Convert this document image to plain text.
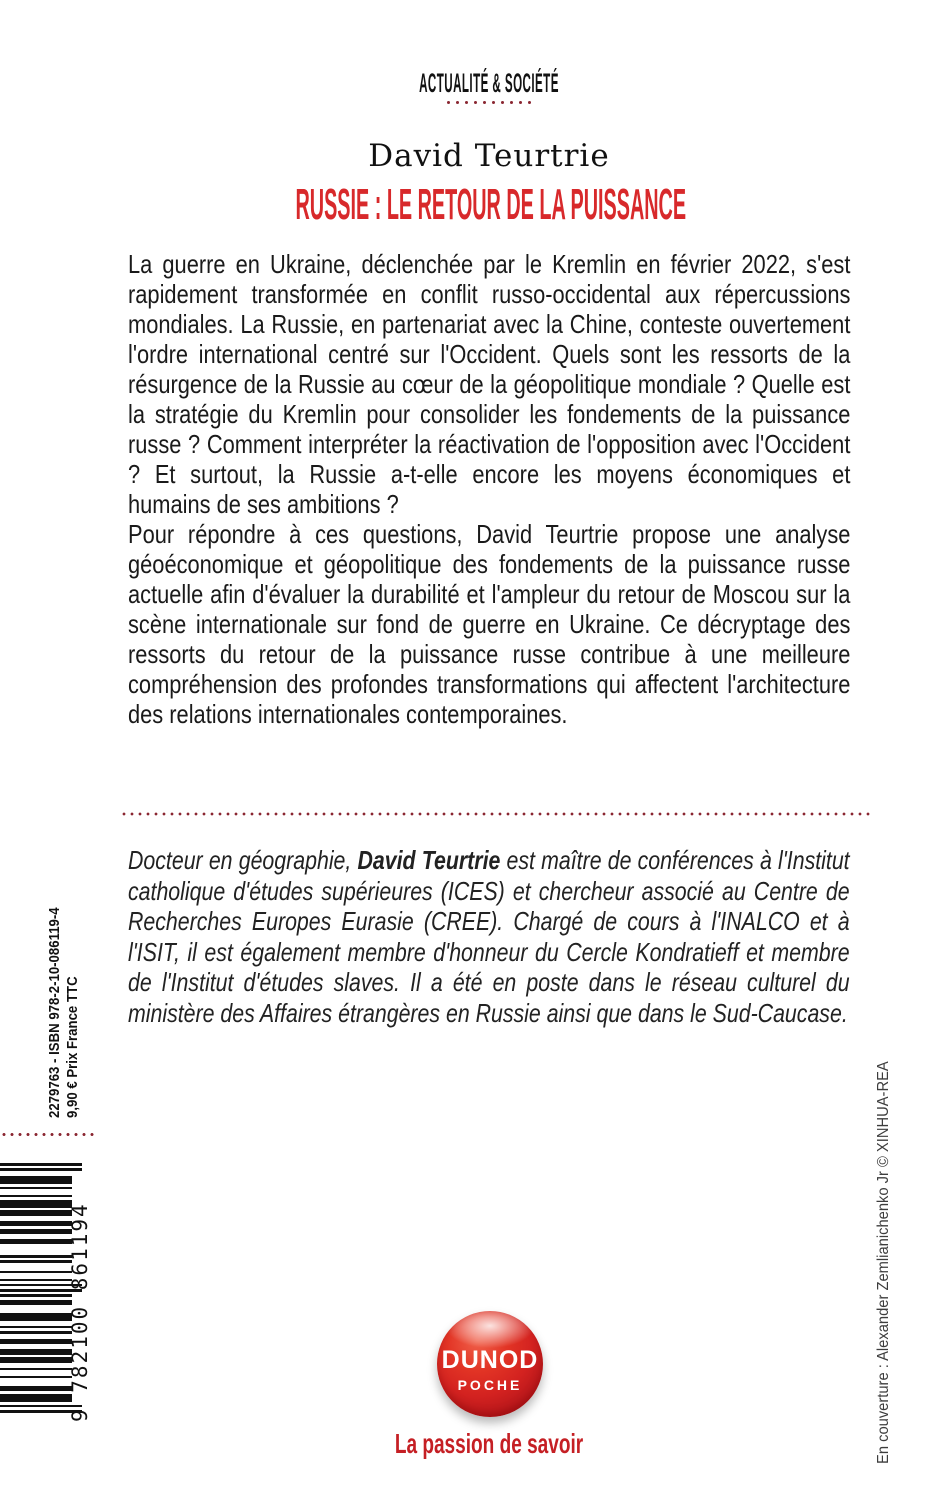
ACTUALITÉ & SOCIÉTÉ
David Teurtrie
RUSSIE : LE RETOUR DE LA PUISSANCE

La guerre en Ukraine, déclenchée par le Kremlin en février 2022, s'est rapidement transformée en conflit russo-occidental aux répercussions mondiales. La Russie, en partenariat avec la Chine, conteste ouvertement l'ordre international centré sur l'Occident. Quels sont les ressorts de la résurgence de la Russie au cœur de la géopolitique mondiale ? Quelle est la stratégie du Kremlin pour consolider les fondements de la puissance russe ? Comment interpréter la réactivation de l'opposition avec l'Occident ? Et surtout, la Russie a-t-elle encore les moyens économiques et humains de ses ambitions ?

Pour répondre à ces questions, David Teurtrie propose une analyse géoéconomique et géopolitique des fondements de la puissance russe actuelle afin d'évaluer la durabilité et l'ampleur du retour de Moscou sur la scène internationale sur fond de guerre en Ukraine. Ce décryptage des ressorts du retour de la puissance russe contribue à une meilleure compréhension des profondes transformations qui affectent l'architecture des relations internationales contemporaines.

Docteur en géographie, David Teurtrie est maître de conférences à l'Institut catholique d'études supérieures (ICES) et chercheur associé au Centre de Recherches Europes Eurasie (CREE). Chargé de cours à l'INALCO et à l'ISIT, il est également membre d'honneur du Cercle Kondratieff et membre de l'Institut d'études slaves. Il a été en poste dans le réseau culturel du ministère des Affaires étrangères en Russie ainsi que dans le Sud-Caucase.

2279763 - ISBN 978-2-10-086119-4 9,90 € Prix France TTC
9 782100 861194	DUNOD
POCHE
La passion de savoir	En couverture : Alexander Zemlianichenko Jr © XINHUA-REA
